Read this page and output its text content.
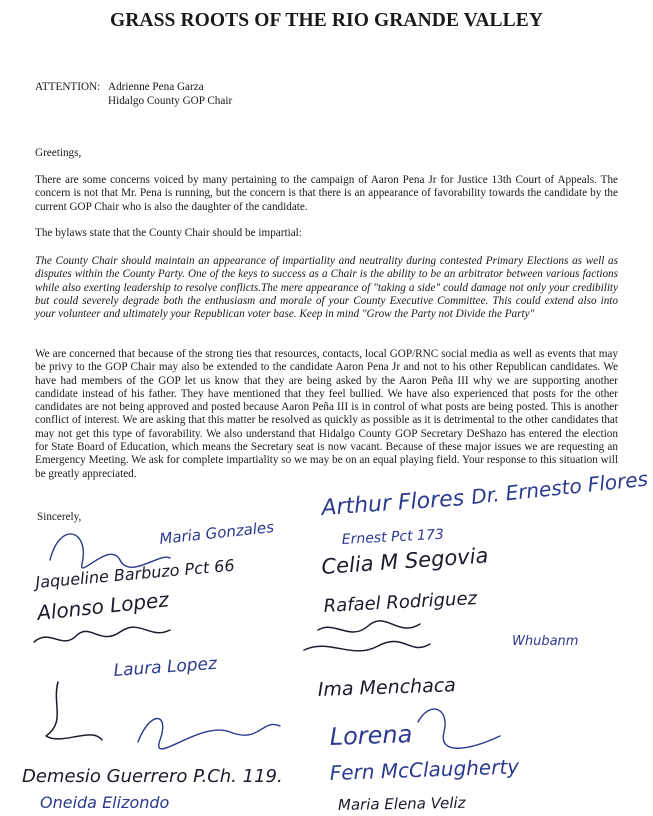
GRASS ROOTS OF THE RIO GRANDE VALLEY
ATTENTION: Adrienne Pena Garza
Hidalgo County GOP Chair
Greetings,
There are some concerns voiced by many pertaining to the campaign of Aaron Pena Jr for Justice 13th Court of Appeals. The concern is not that Mr. Pena is running, but the concern is that there is an appearance of favorability towards the candidate by the current GOP Chair who is also the daughter of the candidate.
The bylaws state that the County Chair should be impartial:
The County Chair should maintain an appearance of impartiality and neutrality during contested Primary Elections as well as disputes within the County Party. One of the keys to success as a Chair is the ability to be an arbitrator between various factions while also exerting leadership to resolve conflicts.The mere appearance of "taking a side" could damage not only your credibility but could severely degrade both the enthusiasm and morale of your County Executive Committee. This could extend also into your volunteer and ultimately your Republican voter base. Keep in mind "Grow the Party not Divide the Party"
We are concerned that because of the strong ties that resources, contacts, local GOP/RNC social media as well as events that may be privy to the GOP Chair may also be extended to the candidate Aaron Pena Jr and not to his other Republican candidates. We have had members of the GOP let us know that they are being asked by the Aaron Peña III why we are supporting another candidate instead of his father. They have mentioned that they feel bullied. We have also experienced that posts for the other candidates are not being approved and posted because Aaron Peña III is in control of what posts are being posted. This is another conflict of interest. We are asking that this matter be resolved as quickly as possible as it is detrimental to the other candidates that may not get this type of favorability. We also understand that Hidalgo County GOP Secretary DeShazo has entered the election for State Board of Education, which means the Secretary seat is now vacant. Because of these major issues we are requesting an Emergency Meeting. We ask for complete impartiality so we may be on an equal playing field. Your response to this situation will be greatly appreciated.
Sincerely,	Arthur Flores Dr. Ernesto Flores
Ernest Pct 173
Celia M Segovia
Rafael Rodriguez
Whubanm
Ima Menchaca
Lorena
Fern McClaugherty
Maria Elena Veliz
Maria Gonzales
Jaqueline Barbuzo Pct 66
Alonso Lopez
Laura Lopez
Demesio Guerrero P.Ch. 119.
Oneida Elizondo
